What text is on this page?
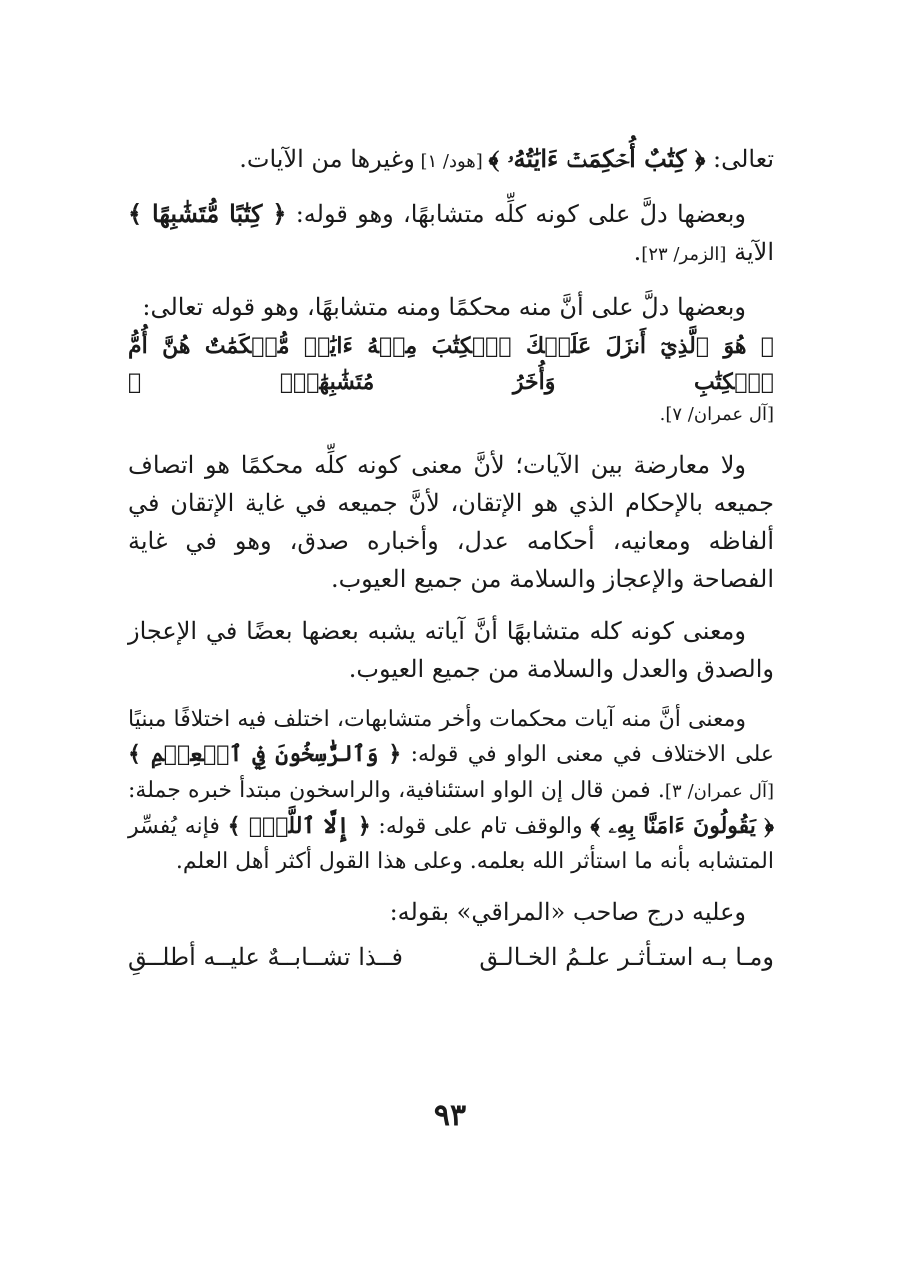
تعالى: ﴿ كِتَٰبٌ أُحۡكِمَتۡ ءَايَٰتُهُۥ ﴾ [هود/ ١] وغيرها من الآيات.

وبعضها دلَّ على كونه كلِّه متشابهًا، وهو قوله: ﴿ كِتَٰبًا مُّتَشَٰبِهًا ﴾ الآية [الزمر/ ٢٣].

وبعضها دلَّ على أنَّ منه محكمًا ومنه متشابهًا، وهو قوله تعالى:

﴿ هُوَ ٱلَّذِيٓ أَنزَلَ عَلَيۡكَ ٱلۡكِتَٰبَ مِنۡهُ ءَايَٰتٞ مُّحۡكَمَٰتٌ هُنَّ أُمُّ ٱلۡكِتَٰبِ وَأُخَرُ مُتَشَٰبِهَٰتٞۖ ﴾

[آل عمران/ ٧].

ولا معارضة بين الآيات؛ لأنَّ معنى كونه كلِّه محكمًا هو اتصاف جميعه بالإحكام الذي هو الإتقان، لأنَّ جميعه في غاية الإتقان في ألفاظه ومعانيه، أحكامه عدل، وأخباره صدق، وهو في غاية الفصاحة والإعجاز والسلامة من جميع العيوب.

ومعنى كونه كله متشابهًا أنَّ آياته يشبه بعضها بعضًا في الإعجاز والصدق والعدل والسلامة من جميع العيوب.

ومعنى أنَّ منه آيات محكمات وأخر متشابهات، اختلف فيه اختلافًا مبنيًا على الاختلاف في معنى الواو في قوله: ﴿ وَٱلرَّٰسِخُونَ فِي ٱلۡعِلۡمِ ﴾ [آل عمران/ ٣]. فمن قال إن الواو استئنافية، والراسخون مبتدأ خبره جملة: ﴿ يَقُولُونَ ءَامَنَّا بِهِۦ ﴾ والوقف تام على قوله: ﴿ إِلَّا ٱللَّهُۗ ﴾ فإنه يُفسِّر المتشابه بأنه ما استأثر الله بعلمه. وعلى هذا القول أكثر أهل العلم.

وعليه درج صاحب «المراقي» بقوله:

ومـا بـه استـأثـر علـمُ الخـالـق
فــذا تشــابــهٌ عليــه أطلــقِ
٩٣
